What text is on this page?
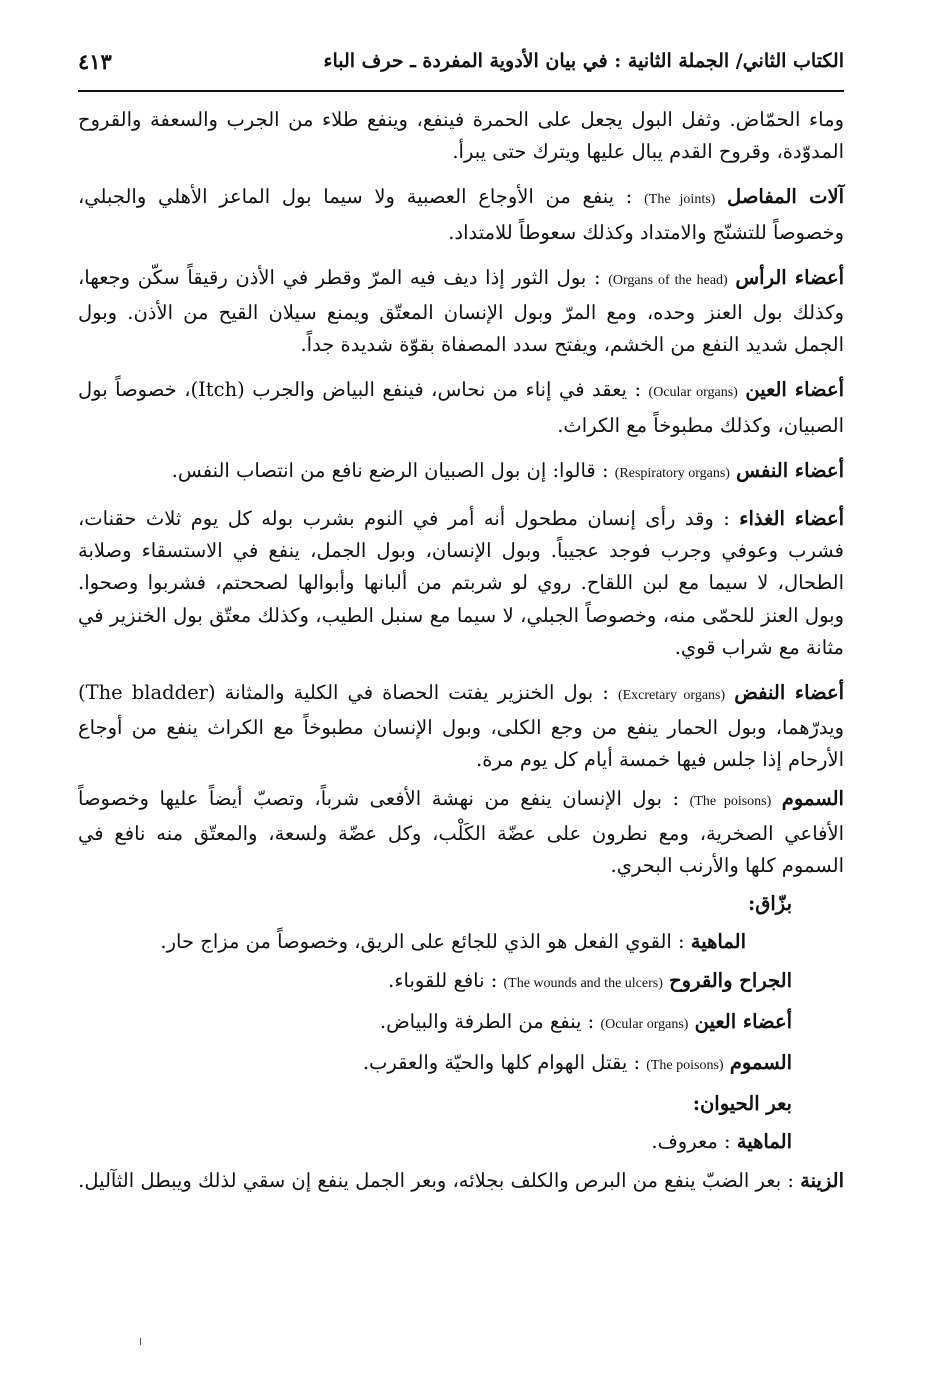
الكتاب الثاني/ الجملة الثانية : في بيان الأدوية المفردة ـ حرف الباء
٤١٣

وماء الحمّاض. وثفل البول يجعل على الحمرة فينفع، وينفع طلاء من الجرب والسعفة والقروح المدوّدة، وقروح القدم يبال عليها ويترك حتى يبرأ.

آلات المفاصل (The joints) : ينفع من الأوجاع العصبية ولا سيما بول الماعز الأهلي والجبلي، وخصوصاً للتشنّج والامتداد وكذلك سعوطاً للامتداد.

أعضاء الرأس (Organs of the head) : بول الثور إذا ديف فيه المرّ وقطر في الأذن رقيقاً سكّن وجعها، وكذلك بول العنز وحده، ومع المرّ وبول الإنسان المعتّق ويمنع سيلان القيح من الأذن. وبول الجمل شديد النفع من الخشم، ويفتح سدد المصفاة بقوّة شديدة جداً.

أعضاء العين (Ocular organs) : يعقد في إناء من نحاس، فينفع البياض والجرب (Itch)، خصوصاً بول الصبيان، وكذلك مطبوخاً مع الكراث.

أعضاء النفس (Respiratory organs) : قالوا: إن بول الصبيان الرضع نافع من انتصاب النفس.

أعضاء الغذاء : وقد رأى إنسان مطحول أنه أمر في النوم بشرب بوله كل يوم ثلاث حقنات، فشرب وعوفي وجرب فوجد عجيباً. وبول الإنسان، وبول الجمل، ينفع في الاستسقاء وصلابة الطحال، لا سيما مع لبن اللقاح. روي لو شربتم من ألبانها وأبوالها لصححتم، فشربوا وصحوا. وبول العنز للحمّى منه، وخصوصاً الجبلي، لا سيما مع سنبل الطيب، وكذلك معتّق بول الخنزير في مثانة مع شراب قوي.

أعضاء النفض (Excretary organs) : بول الخنزير يفتت الحصاة في الكلية والمثانة (The bladder) ويدرّهما، وبول الحمار ينفع من وجع الكلى، وبول الإنسان مطبوخاً مع الكراث ينفع من أوجاع الأرحام إذا جلس فيها خمسة أيام كل يوم مرة.

السموم (The poisons) : بول الإنسان ينفع من نهشة الأفعى شرباً، وتصبّ أيضاً عليها وخصوصاً الأفاعي الصخرية، ومع نطرون على عضّة الكَلْب، وكل عضّة ولسعة، والمعتّق منه نافع في السموم كلها والأرنب البحري.

بزّاق:

الماهية : القوي الفعل هو الذي للجائع على الريق، وخصوصاً من مزاج حار.

الجراح والقروح (The wounds and the ulcers) : نافع للقوباء.

أعضاء العين (Ocular organs) : ينفع من الطرفة والبياض.

السموم (The poisons) : يقتل الهوام كلها والحيّة والعقرب.

بعر الحيوان:

الماهية : معروف.

الزينة : بعر الضبّ ينفع من البرص والكلف بجلائه، وبعر الجمل ينفع إن سقي لذلك ويبطل الثآليل.
